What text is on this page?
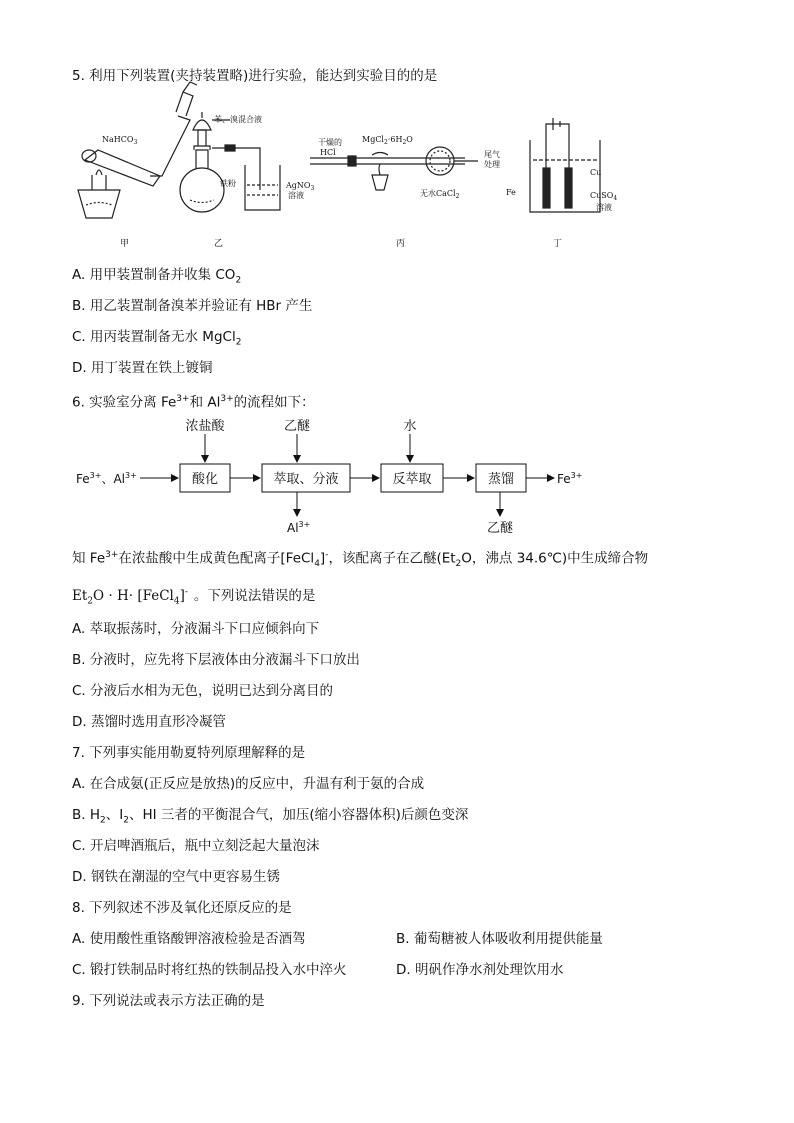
5. 利用下列装置(夹持装置略)进行实验，能达到实验目的的是
NaHCO$_3$
苯、溴混合液
铁粉	AgNO$_3$
溶液
干燥的
HCl
$MgCl_2\cdot 6H_2O$
尾气
处理
无水CaCl$_2$
Cu
Fe	CuSO$_4$
溶液
甲	乙	丙	丁
A. 用甲装置制备并收集 $CO_2$
B. 用乙装置制备溴苯并验证有 HBr 产生
C. 用丙装置制备无水 MgCl$_2$
D. 用丁装置在铁上镀铜
6. 实验室分离 $Fe^{3+}$和 $Al^{3+}$的流程如下：
$Fe^{3+}$、$Al^{3+}$	酸化	萃取、分液	反萃取	蒸馏
浓盐酸	乙醚	水
$Al^{3+}$	乙醚
$Fe^{3+}$
知 $Fe^{3+}$在浓盐酸中生成黄色配离子[FeCl$_4$]-，该配离子在乙醚($Et_2O$，沸点 34.6℃)中生成缔合物
$Et_2O \cdot H\cdot$ [FeCl$_4$]- 。下列说法错误的是
A. 萃取振荡时，分液漏斗下口应倾斜向下
B. 分液时，应先将下层液体由分液漏斗下口放出
C. 分液后水相为无色，说明已达到分离目的
D. 蒸馏时选用直形冷凝管
7. 下列事实能用勒夏特列原理解释的是
A. 在合成氨(正反应是放热)的反应中，升温有利于氨的合成
B. $H_2$、$I_2$、HI 三者的平衡混合气，加压(缩小容器体积)后颜色变深
C. 开启啤酒瓶后，瓶中立刻泛起大量泡沫
D. 钢铁在潮湿的空气中更容易生锈
8. 下列叙述不涉及氧化还原反应的是
A. 使用酸性重铬酸钾溶液检验是否酒驾	B. 葡萄糖被人体吸收利用提供能量
C. 锻打铁制品时将红热的铁制品投入水中淬火	D. 明矾作净水剂处理饮用水
9. 下列说法或表示方法正确的是
